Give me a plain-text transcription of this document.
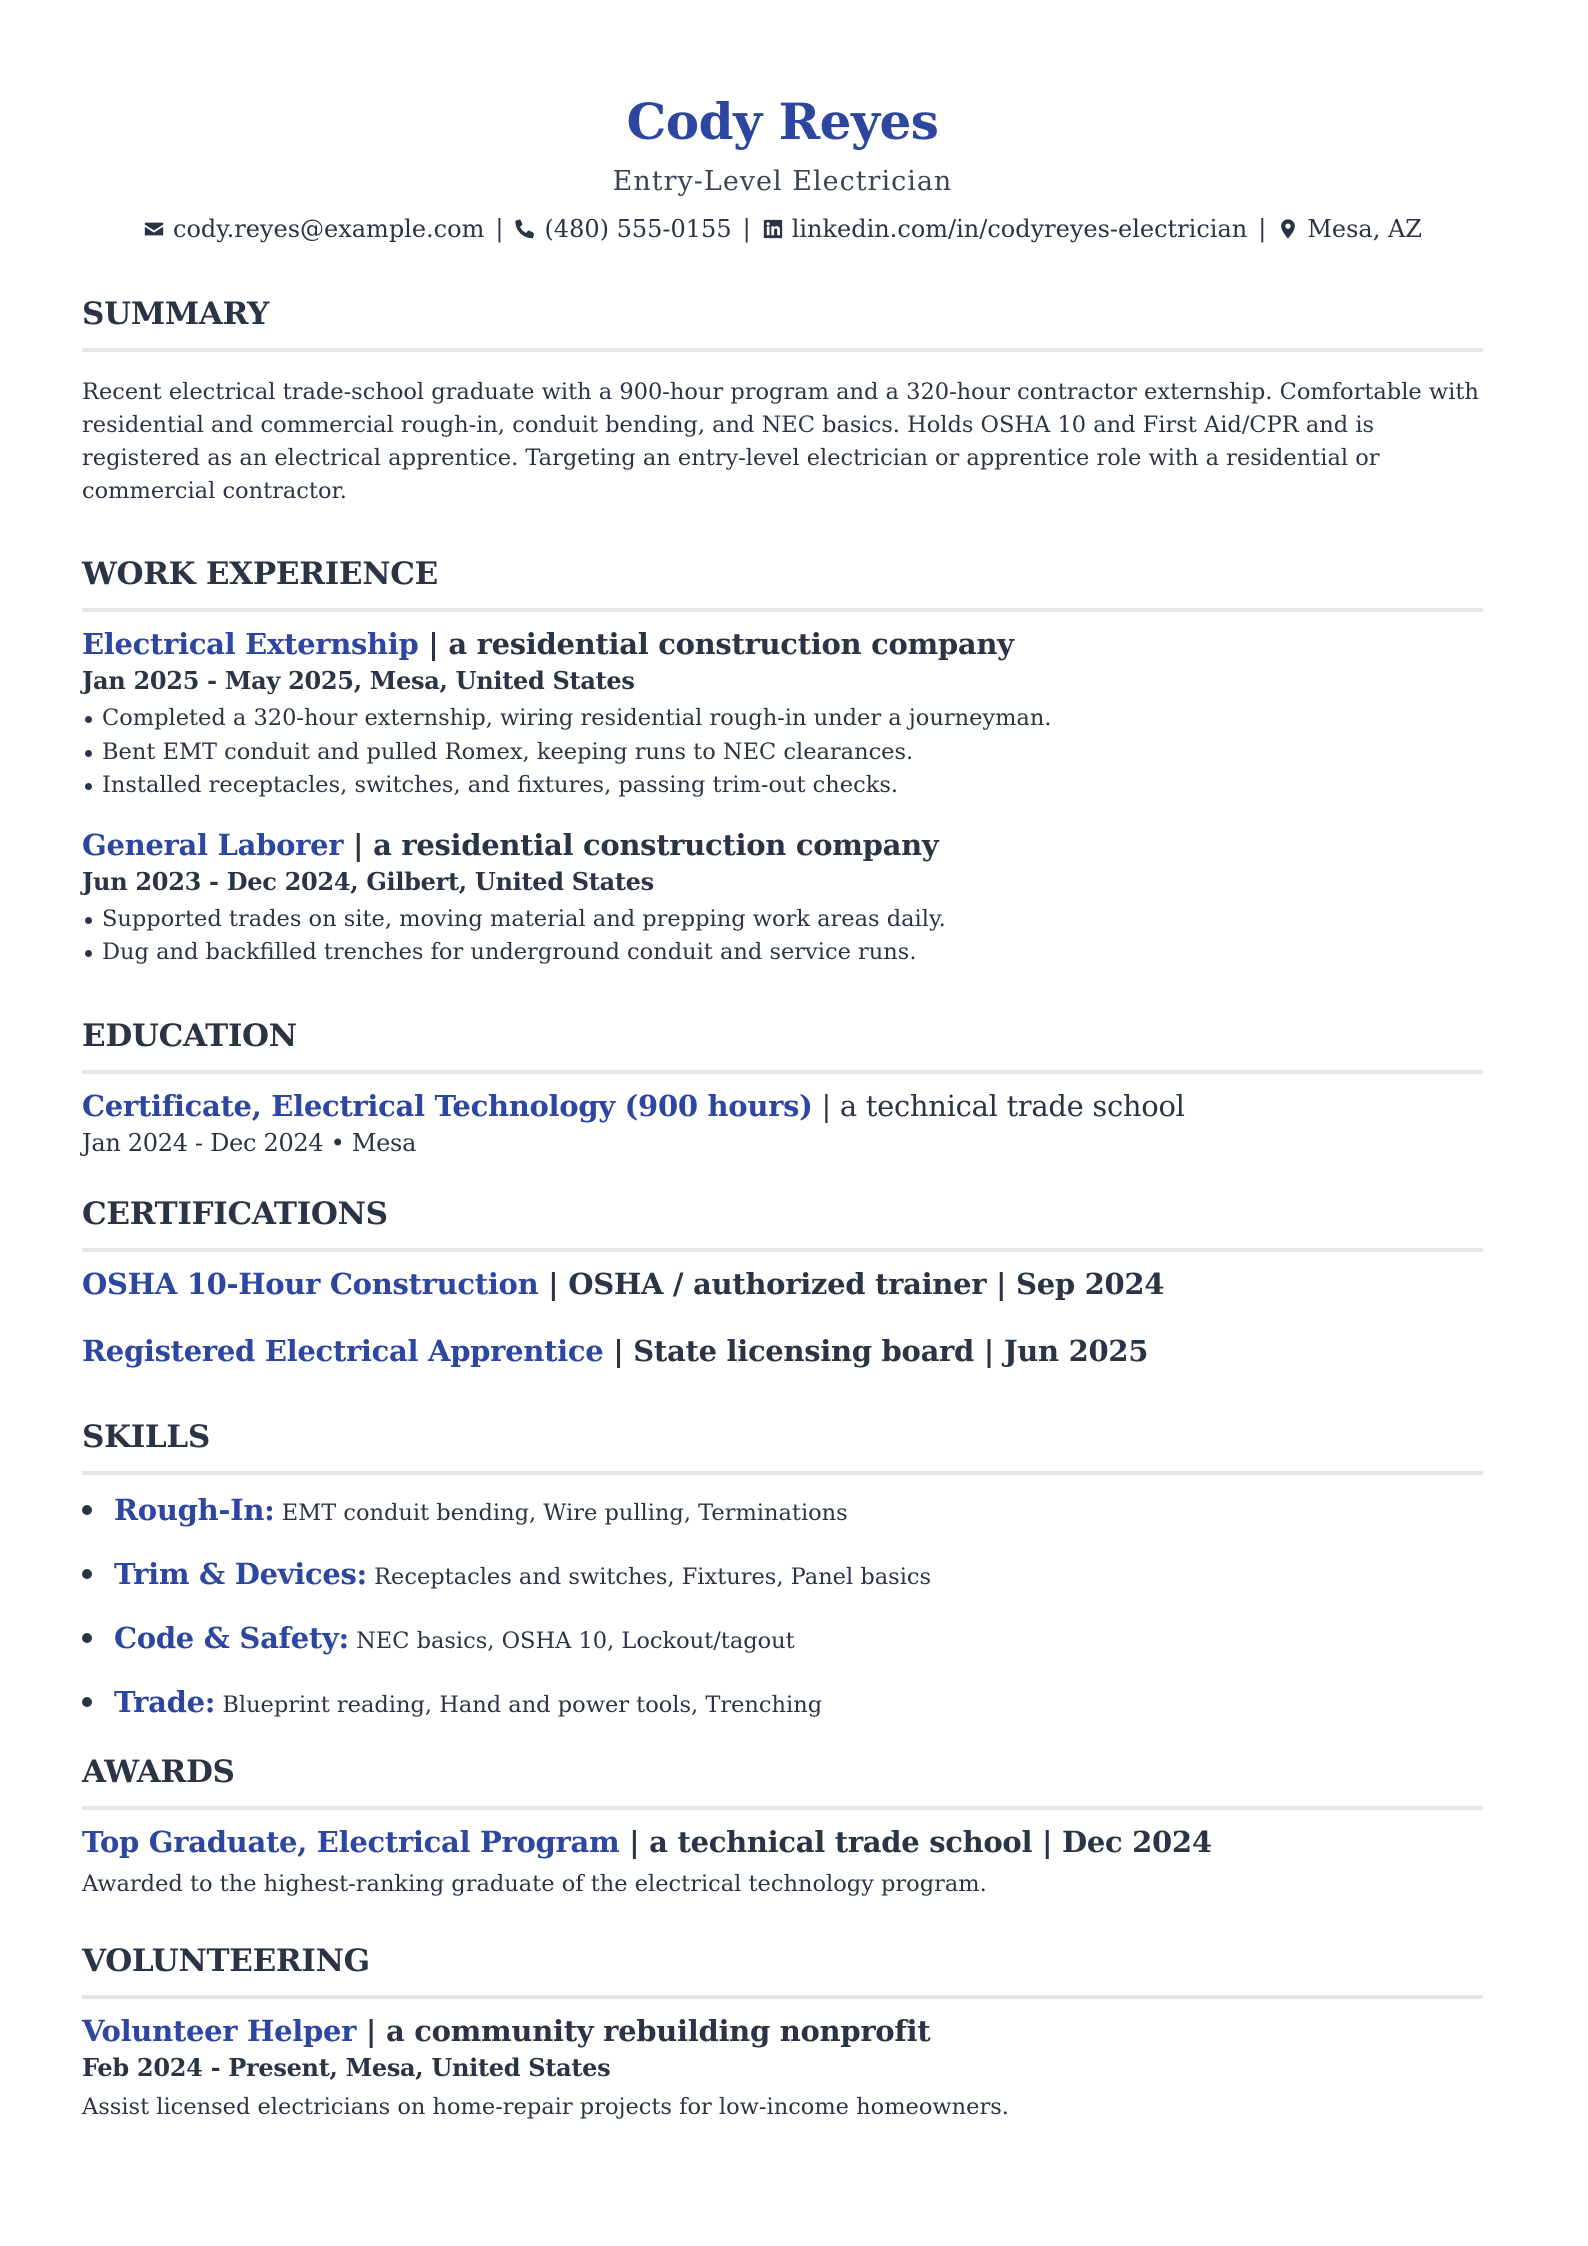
Cody Reyes
Entry-Level Electrician
cody.reyes@example.com | (480) 555-0155 | linkedin.com/in/codyreyes-electrician | Mesa, AZ
SUMMARY

Recent electrical trade-school graduate with a 900-hour program and a 320-hour contractor externship. Comfortable with residential and commercial rough-in, conduit bending, and NEC basics. Holds OSHA 10 and First Aid/CPR and is registered as an electrical apprentice. Targeting an entry-level electrician or apprentice role with a residential or commercial contractor.

WORK EXPERIENCE
Electrical Externship | a residential construction company
Jan 2025 - May 2025, Mesa, United States
Completed a 320-hour externship, wiring residential rough-in under a journeyman.
Bent EMT conduit and pulled Romex, keeping runs to NEC clearances.
Installed receptacles, switches, and fixtures, passing trim-out checks.
General Laborer | a residential construction company
Jun 2023 - Dec 2024, Gilbert, United States
Supported trades on site, moving material and prepping work areas daily.
Dug and backfilled trenches for underground conduit and service runs.
EDUCATION
Certificate, Electrical Technology (900 hours) | a technical trade school
Jan 2024 - Dec 2024 • Mesa
CERTIFICATIONS
OSHA 10-Hour Construction | OSHA / authorized trainer | Sep 2024
Registered Electrical Apprentice | State licensing board | Jun 2025
SKILLS
Rough-In: EMT conduit bending, Wire pulling, Terminations
Trim & Devices: Receptacles and switches, Fixtures, Panel basics
Code & Safety: NEC basics, OSHA 10, Lockout/tagout
Trade: Blueprint reading, Hand and power tools, Trenching
AWARDS
Top Graduate, Electrical Program | a technical trade school | Dec 2024

Awarded to the highest-ranking graduate of the electrical technology program.

VOLUNTEERING
Volunteer Helper | a community rebuilding nonprofit
Feb 2024 - Present, Mesa, United States

Assist licensed electricians on home-repair projects for low-income homeowners.
